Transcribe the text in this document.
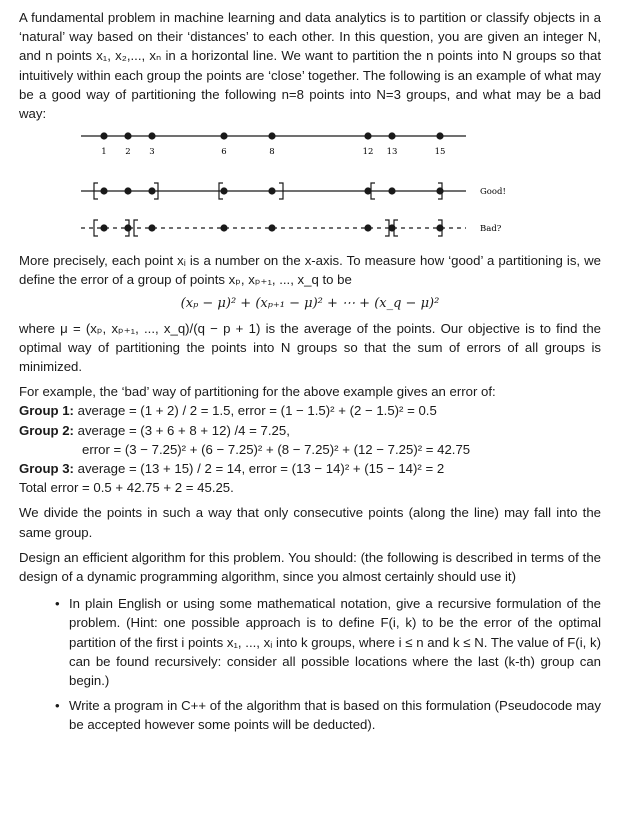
A fundamental problem in machine learning and data analytics is to partition or classify objects in a ‘natural’ way based on their ‘distances’ to each other. In this question, you are given an integer N, and n points x₁, x₂,..., xₙ in a horizontal line. We want to partition the n points into N groups so that intuitively within each group the points are ‘close’ together. The following is an example of what may be a good way of partitioning the following n=8 points into N=3 groups, and what may be a bad way:

1 2 3	6	8	12 13	15
Good!
Bad?

More precisely, each point xᵢ is a number on the x-axis. To measure how ‘good’ a partitioning is, we define the error of a group of points xₚ, xₚ₊₁, ..., x_q to be

(xₚ − μ)² + (xₚ₊₁ − μ)² + ⋯ + (x_q − μ)²

where μ = (xₚ, xₚ₊₁, ..., x_q)/(q − p + 1) is the average of the points. Our objective is to find the optimal way of partitioning the points into N groups so that the sum of errors of all groups is minimized.

For example, the ‘bad’ way of partitioning for the above example gives an error of:

Group 1: average = (1 + 2) / 2 = 1.5, error = (1 − 1.5)² + (2 − 1.5)² = 0.5

Group 2: average = (3 + 6 + 8 + 12) /4 = 7.25,

error = (3 − 7.25)² + (6 − 7.25)² + (8 − 7.25)² + (12 − 7.25)² = 42.75

Group 3: average = (13 + 15) / 2 = 14, error = (13 − 14)² + (15 − 14)² = 2

Total error = 0.5 + 42.75 + 2 = 45.25.

We divide the points in such a way that only consecutive points (along the line) may fall into the same group.

Design an efficient algorithm for this problem. You should: (the following is described in terms of the design of a dynamic programming algorithm, since you almost certainly should use it)

• In plain English or using some mathematical notation, give a recursive formulation of the problem. (Hint: one possible approach is to define F(i, k) to be the error of the optimal partition of the first i points x₁, ..., xᵢ into k groups, where i ≤ n and k ≤ N. The value of F(i, k) can be found recursively: consider all possible locations where the last (k-th) group can begin.)
• Write a program in C++ of the algorithm that is based on this formulation (Pseudocode may be accepted however some points will be deducted).
